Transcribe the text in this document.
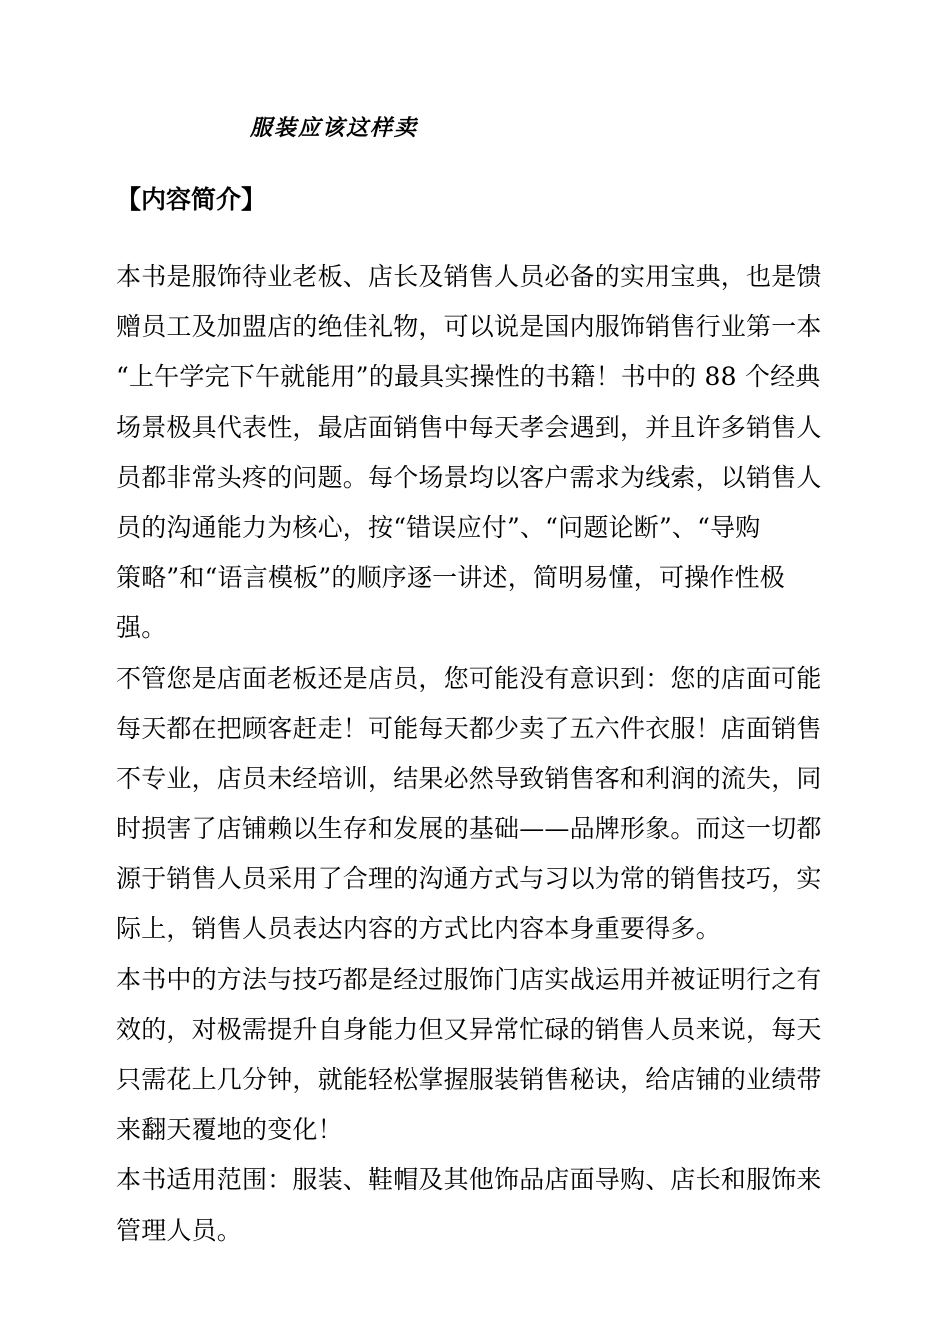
服装应该这样卖
【内容简介】
本书是服饰待业老板、店长及销售人员必备的实用宝典，也是馈
赠员工及加盟店的绝佳礼物，可以说是国内服饰销售行业第一本
“上午学完下午就能用”的最具实操性的书籍！书中的 88 个经典
场景极具代表性，最店面销售中每天孝会遇到，并且许多销售人
员都非常头疼的问题。每个场景均以客户需求为线索，以销售人
员的沟通能力为核心，按“错误应付”、“问题论断”、“导购
策略”和“语言模板”的顺序逐一讲述，简明易懂，可操作性极
强。
不管您是店面老板还是店员，您可能没有意识到：您的店面可能
每天都在把顾客赶走！可能每天都少卖了五六件衣服！店面销售
不专业，店员未经培训，结果必然导致销售客和利润的流失，同
时损害了店铺赖以生存和发展的基础——品牌形象。而这一切都
源于销售人员采用了合理的沟通方式与习以为常的销售技巧，实
际上，销售人员表达内容的方式比内容本身重要得多。
本书中的方法与技巧都是经过服饰门店实战运用并被证明行之有
效的，对极需提升自身能力但又异常忙碌的销售人员来说，每天
只需花上几分钟，就能轻松掌握服装销售秘诀，给店铺的业绩带
来翻天覆地的变化！
本书适用范围：服装、鞋帽及其他饰品店面导购、店长和服饰来
管理人员。
